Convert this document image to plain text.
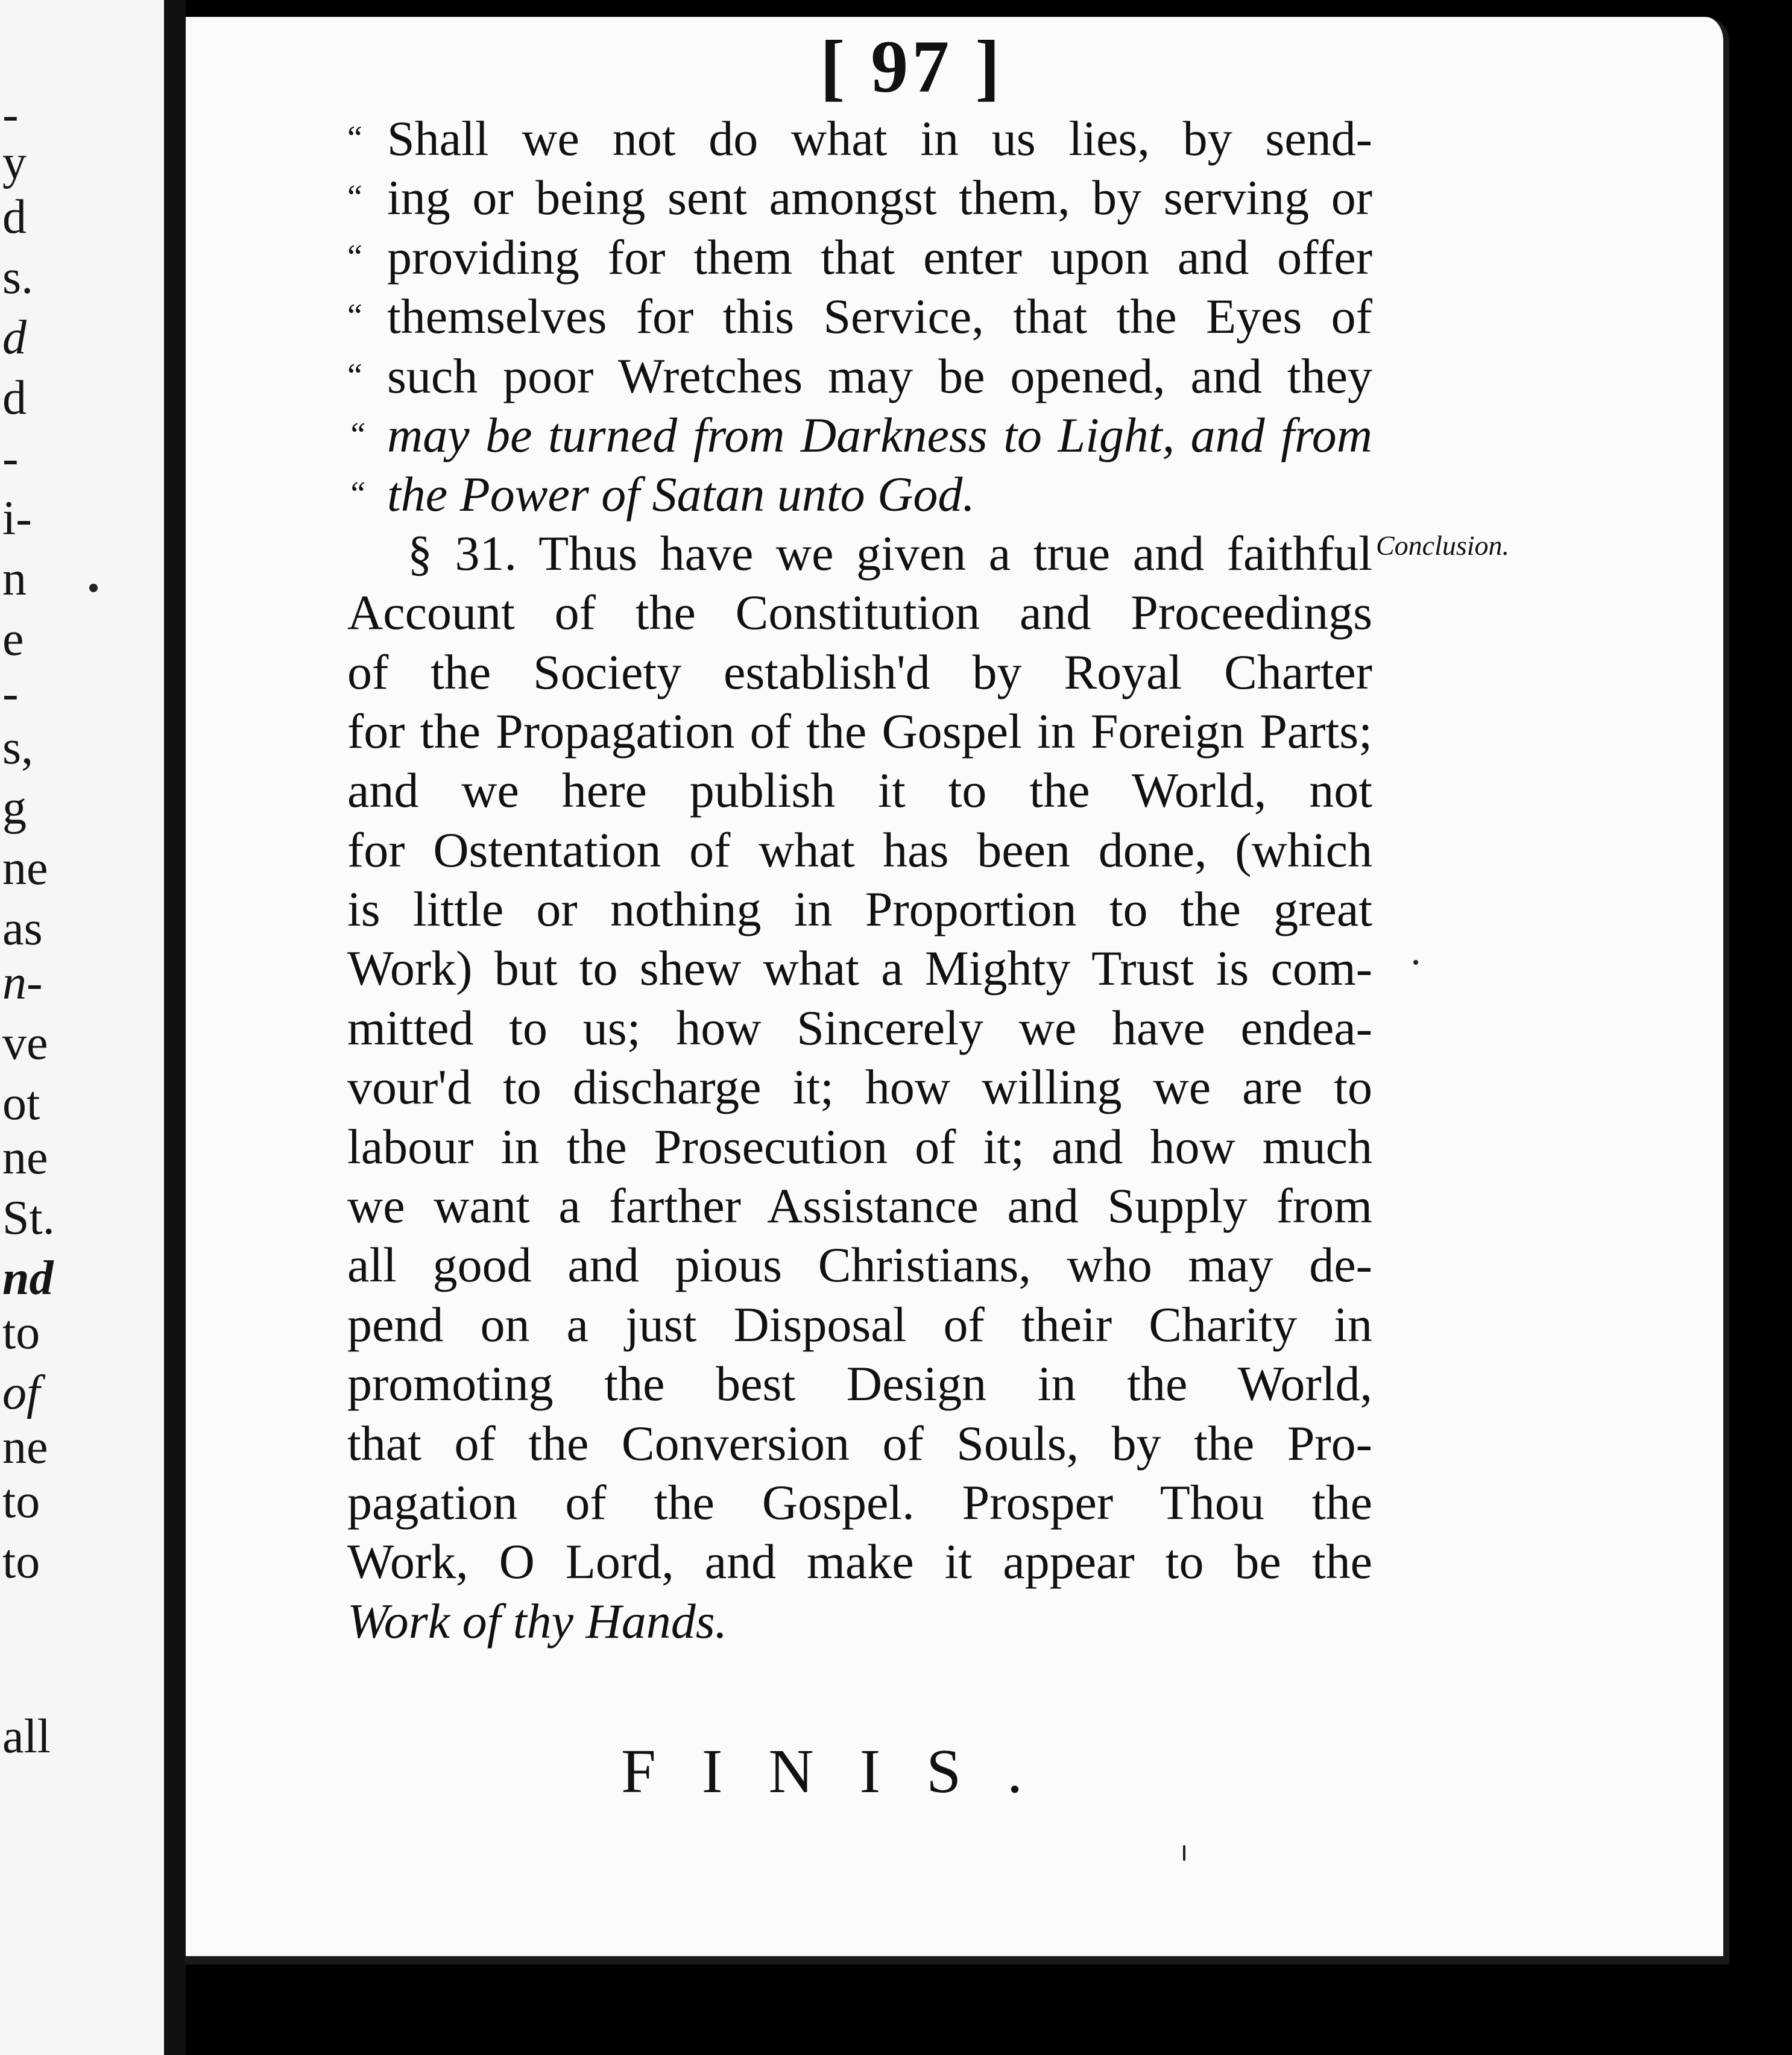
-
y
d
s.
d
d
-
i-
n
e
-
s,
g
ne
as
n-
ve
ot
ne
St.
nd
to
of
ne
to
to
all
[ 97 ]
“ Shall we not do what in us lies, by send-
“ ing or being sent amongst them, by serving or
“ providing for them that enter upon and offer
“ themselves for this Service, that the Eyes of
“ such poor Wretches may be opened, and they
“ may be turned from Darkness to Light, and from
“ the Power of Satan unto God.
§ 31. Thus have we given a true and faithful
Account of the Constitution and Proceedings
of the Society establish'd by Royal Charter
for the Propagation of the Gospel in Foreign Parts;
and we here publish it to the World, not
for Ostentation of what has been done, (which
is little or nothing in Proportion to the great
Work) but to shew what a Mighty Trust is com-
mitted to us; how Sincerely we have endea-
vour'd to discharge it; how willing we are to
labour in the Prosecution of it; and how much
we want a farther Assistance and Supply from
all good and pious Christians, who may de-
pend on a just Disposal of their Charity in
promoting the best Design in the World,
that of the Conversion of Souls, by the Pro-
pagation of the Gospel. Prosper Thou the
Work, O Lord, and make it appear to be the
Work of thy Hands.
Conclusion.
FINIS.
